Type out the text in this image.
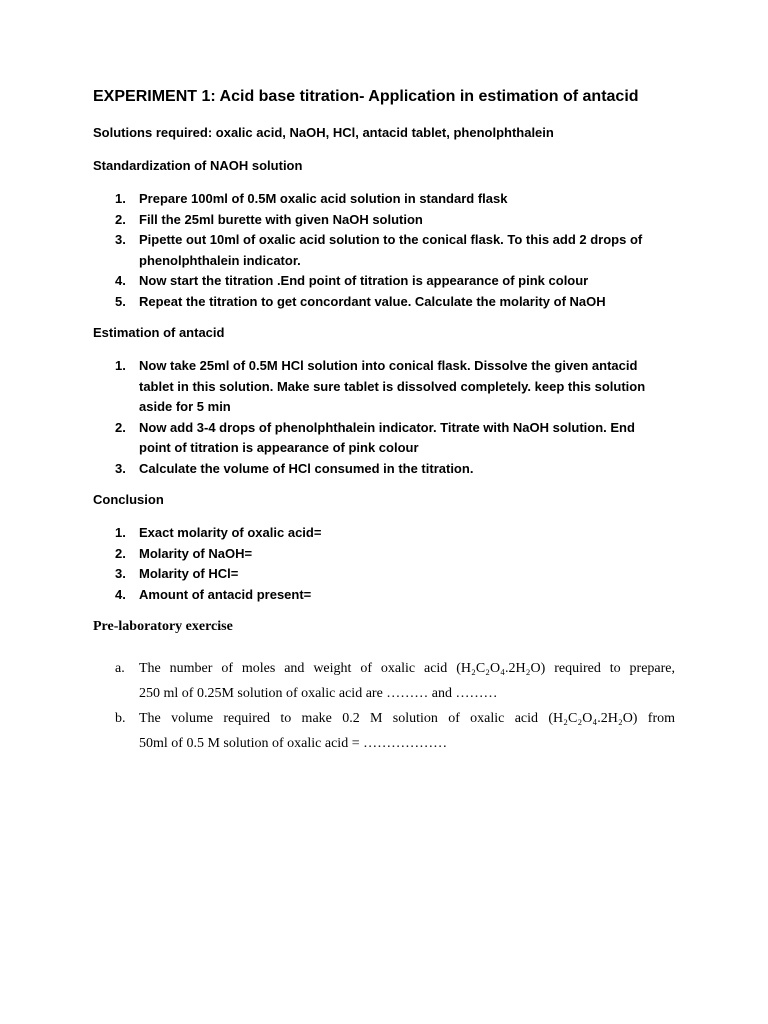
EXPERIMENT 1: Acid base titration- Application in estimation of antacid
Solutions required: oxalic acid, NaOH, HCl, antacid tablet, phenolphthalein
Standardization of NAOH solution
1.	Prepare 100ml of 0.5M oxalic acid solution in standard flask
2.	Fill the 25ml burette with given NaOH solution
3.	Pipette out 10ml of oxalic acid solution to the conical flask. To this add 2 drops of
phenolphthalein indicator.
4.	Now start the titration .End point of titration is appearance of pink colour
5.	Repeat the titration to get concordant value. Calculate the molarity of NaOH
Estimation of antacid
1.	Now take 25ml of 0.5M HCl solution into conical flask. Dissolve the given antacid
tablet in this solution. Make sure tablet is dissolved completely. keep this solution
aside for 5 min
2.	Now add 3-4 drops of phenolphthalein indicator. Titrate with NaOH solution. End
point of titration is appearance of pink colour
3.	Calculate the volume of HCl consumed in the titration.
Conclusion
1.	Exact molarity of oxalic acid=
2.	Molarity of NaOH=
3.	Molarity of HCl=
4.	Amount of antacid present=
Pre-laboratory exercise
a. The number of moles and weight of oxalic acid (H₂C₂O₄.2H₂O) required to prepare,
250 ml of 0.25M solution of oxalic acid are ……… and ………
b. The volume required to make 0.2 M solution of oxalic acid (H₂C₂O₄.2H₂O) from
50ml of 0.5 M solution of oxalic acid = ………………
